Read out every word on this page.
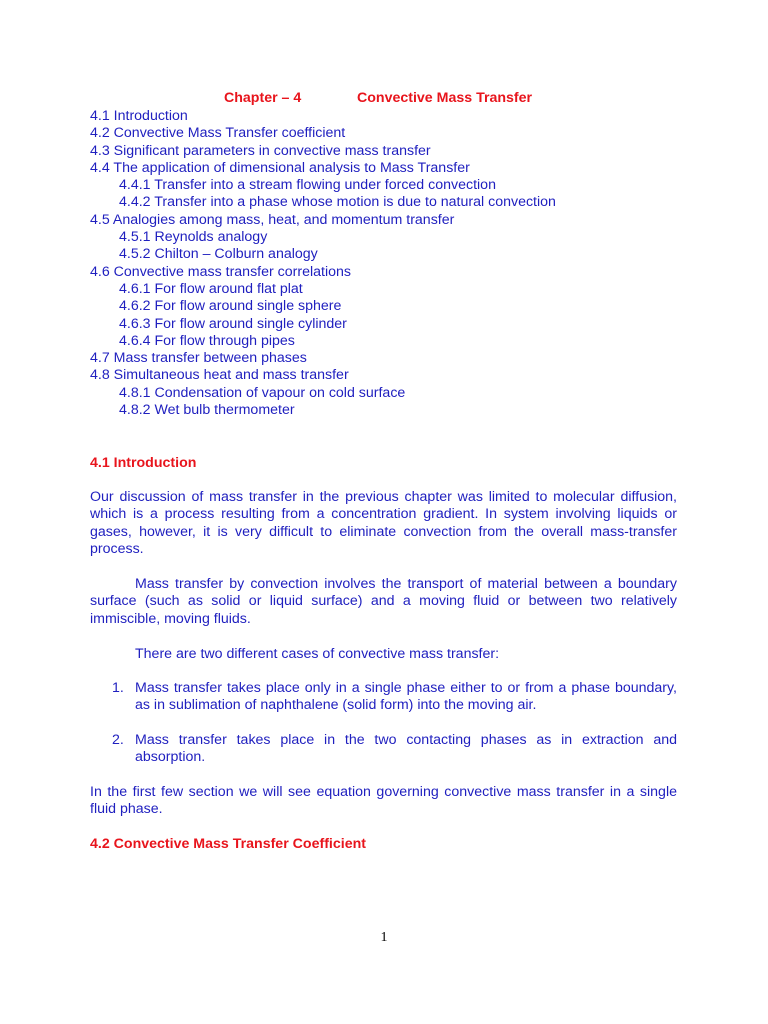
Chapter – 4	Convective Mass Transfer
4.1 Introduction
4.2 Convective Mass Transfer coefficient
4.3 Significant parameters in convective mass transfer
4.4 The application of dimensional analysis to Mass Transfer
4.4.1 Transfer into a stream flowing under forced convection
4.4.2 Transfer into a phase whose motion is due to natural convection
4.5 Analogies among mass, heat, and momentum transfer
4.5.1 Reynolds analogy
4.5.2 Chilton – Colburn analogy
4.6 Convective mass transfer correlations
4.6.1 For flow around flat plat
4.6.2 For flow around single sphere
4.6.3 For flow around single cylinder
4.6.4 For flow through pipes
4.7 Mass transfer between phases
4.8 Simultaneous heat and mass transfer
4.8.1 Condensation of vapour on cold surface
4.8.2 Wet bulb thermometer
4.1 Introduction

Our discussion of mass transfer in the previous chapter was limited to molecular diffusion, which is a process resulting from a concentration gradient. In system involving liquids or gases, however, it is very difficult to eliminate convection from the overall mass-transfer process.

Mass transfer by convection involves the transport of material between a boundary surface (such as solid or liquid surface) and a moving fluid or between two relatively immiscible, moving fluids.

There are two different cases of convective mass transfer:
1. Mass transfer takes place only in a single phase either to or from a phase boundary, as in sublimation of naphthalene (solid form) into the moving air.
2. Mass transfer takes place in the two contacting phases as in extraction and absorption.

In the first few section we will see equation governing convective mass transfer in a single fluid phase.

4.2 Convective Mass Transfer Coefficient
1
